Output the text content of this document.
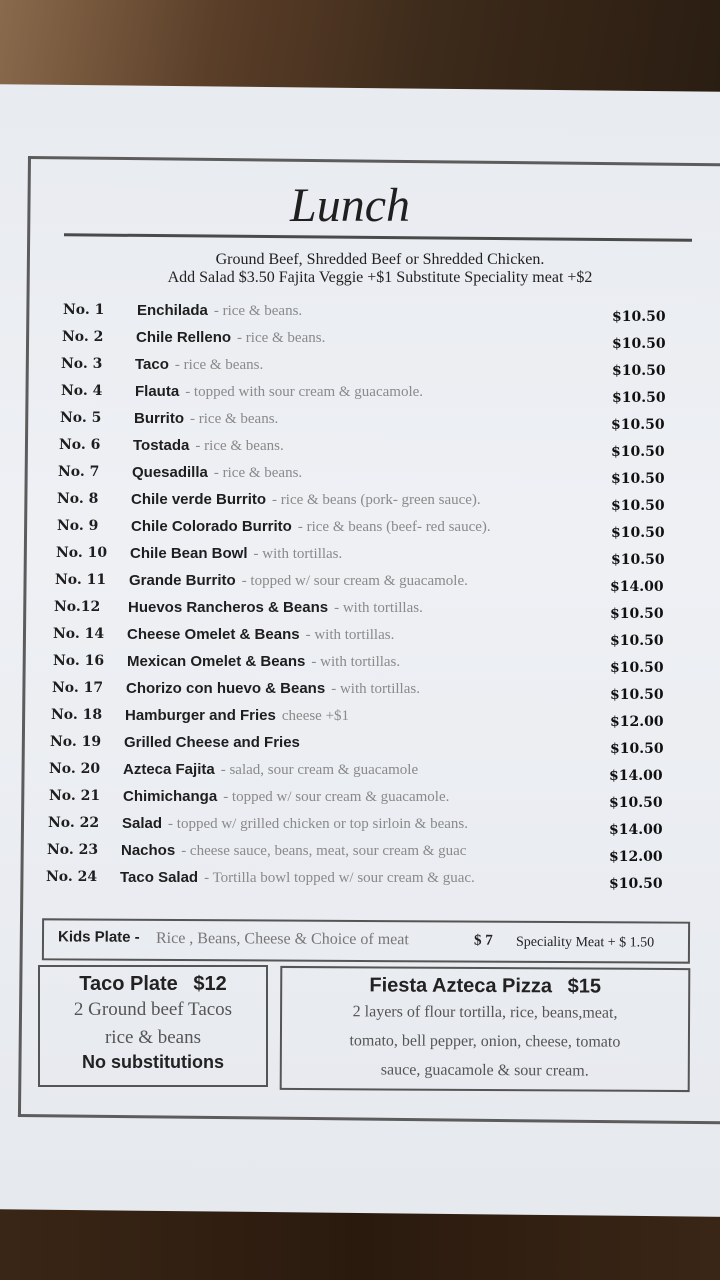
Lunch
Ground Beef, Shredded Beef or Shredded Chicken.
Add Salad $3.50 Fajita Veggie +$1 Substitute Speciality meat +$2
No. 1 Enchilada - rice & beans.	$10.50
No. 2 Chile Relleno - rice & beans.	$10.50
No. 3 Taco - rice & beans.	$10.50
No. 4 Flauta - topped with sour cream & guacamole.	$10.50
No. 5 Burrito - rice & beans.	$10.50
No. 6 Tostada - rice & beans.	$10.50
No. 7 Quesadilla - rice & beans.	$10.50
No. 8 Chile verde Burrito - rice & beans (pork- green sauce).	$10.50
No. 9 Chile Colorado Burrito - rice & beans (beef- red sauce).	$10.50
No. 10 Chile Bean Bowl - with tortillas.	$10.50
No. 11 Grande Burrito - topped w/ sour cream & guacamole.	$14.00
No.12 Huevos Rancheros & Beans - with tortillas.	$10.50
No. 14 Cheese Omelet & Beans - with tortillas.	$10.50
No. 16 Mexican Omelet & Beans - with tortillas.	$10.50
No. 17 Chorizo con huevo & Beans - with tortillas.	$10.50
No. 18 Hamburger and Fries cheese +$1	$12.00
No. 19 Grilled Cheese and Fries	$10.50
No. 20 Azteca Fajita - salad, sour cream & guacamole	$14.00
No. 21 Chimichanga - topped w/ sour cream & guacamole.	$10.50
No. 22 Salad - topped w/ grilled chicken or top sirloin & beans.	$14.00
No. 23 Nachos - cheese sauce, beans, meat, sour cream & guac	$12.00
No. 24 Taco Salad - Tortilla bowl topped w/ sour cream & guac.	$10.50
Kids Plate - Rice , Beans, Cheese & Choice of meat	$ 7 Speciality Meat + $ 1.50
Taco Plate $12
2 Ground beef Tacos
rice & beans
No substitutions
Fiesta Azteca Pizza $15
2 layers of flour tortilla, rice, beans,meat,
tomato, bell pepper, onion, cheese, tomato
sauce, guacamole & sour cream.
